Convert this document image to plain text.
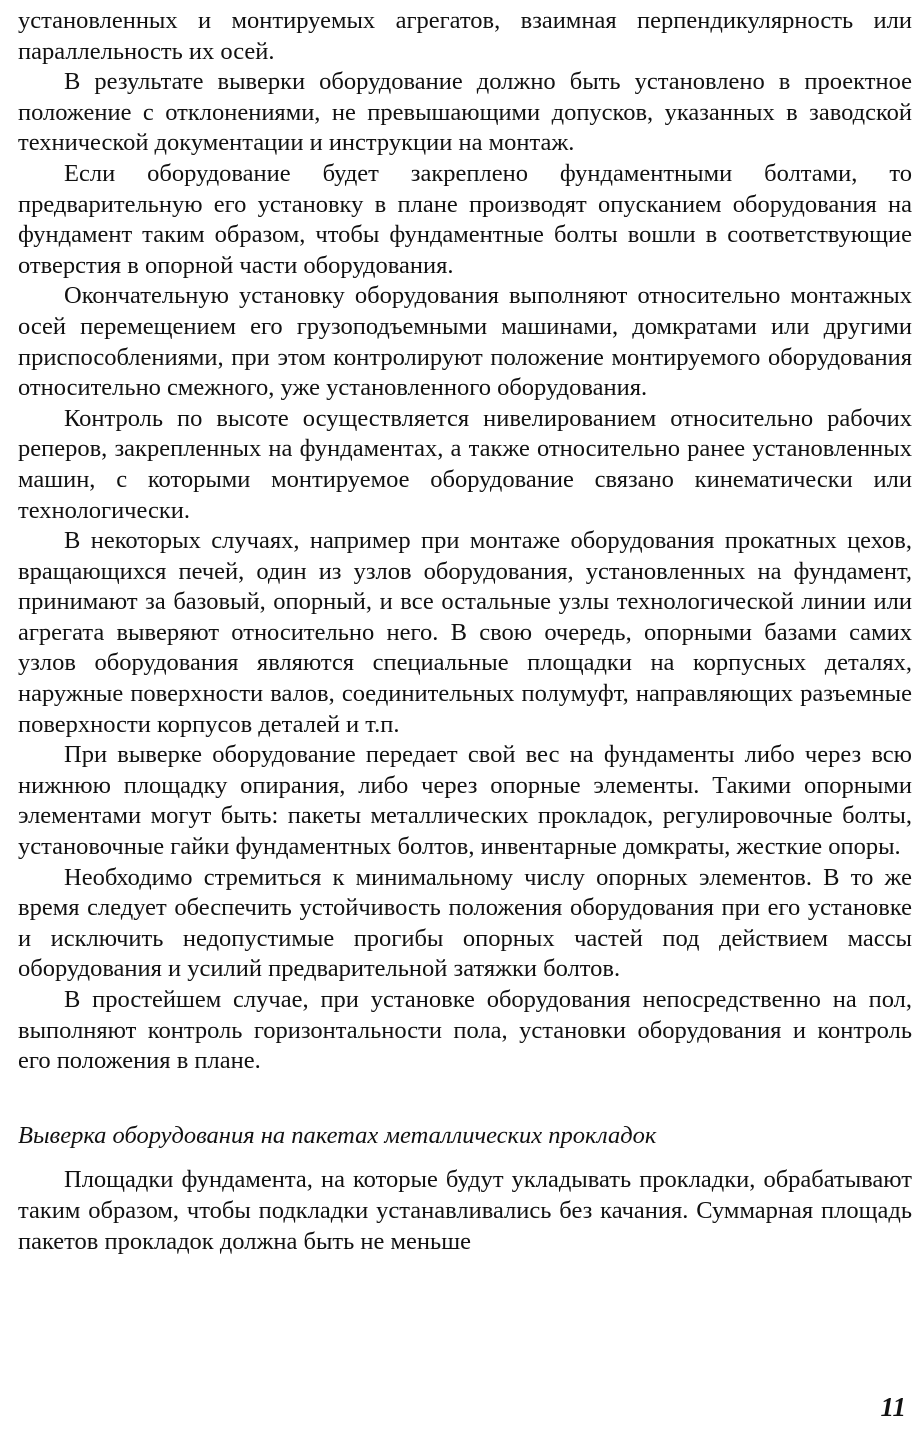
установленных и монтируемых агрегатов, взаимная перпендикулярность или параллельность их осей.

В результате выверки оборудование должно быть установлено в проектное положение с отклонениями, не превышающими допусков, указанных в заводской технической документации и инструкции на монтаж.

Если оборудование будет закреплено фундаментными болтами, то предварительную его установку в плане производят опусканием оборудования на фундамент таким образом, чтобы фундаментные болты вошли в соответствующие отверстия в опорной части оборудования.

Окончательную установку оборудования выполняют относительно монтажных осей перемещением его грузоподъемными машинами, домкратами или другими приспособлениями, при этом контролируют положение монтируемого оборудования относительно смежного, уже установленного оборудования.

Контроль по высоте осуществляется нивелированием относительно рабочих реперов, закрепленных на фундаментах, а также относительно ранее установленных машин, с которыми монтируемое оборудование связано кинематически или технологически.

В некоторых случаях, например при монтаже оборудования прокатных цехов, вращающихся печей, один из узлов оборудования, установленных на фундамент, принимают за базовый, опорный, и все остальные узлы технологической линии или агрегата выверяют относительно него. В свою очередь, опорными базами самих узлов оборудования являются специальные площадки на корпусных деталях, наружные поверхности валов, соединительных полумуфт, направляющих разъемные поверхности корпусов деталей и т.п.

При выверке оборудование передает свой вес на фундаменты либо через всю нижнюю площадку опирания, либо через опорные элементы. Такими опорными элементами могут быть: пакеты металлических прокладок, регулировочные болты, установочные гайки фундаментных болтов, инвентарные домкраты, жесткие опоры.

Необходимо стремиться к минимальному числу опорных элементов. В то же время следует обеспечить устойчивость положения оборудования при его установке и исключить недопустимые прогибы опорных частей под действием массы оборудования и усилий предварительной затяжки болтов.

В простейшем случае, при установке оборудования непосредственно на пол, выполняют контроль горизонтальности пола, установки оборудования и контроль его положения в плане.

Выверка оборудования на пакетах металлических прокладок

Площадки фундамента, на которые будут укладывать прокладки, обрабатывают таким образом, чтобы подкладки устанавливались без качания. Суммарная площадь пакетов прокладок должна быть не меньше

11
